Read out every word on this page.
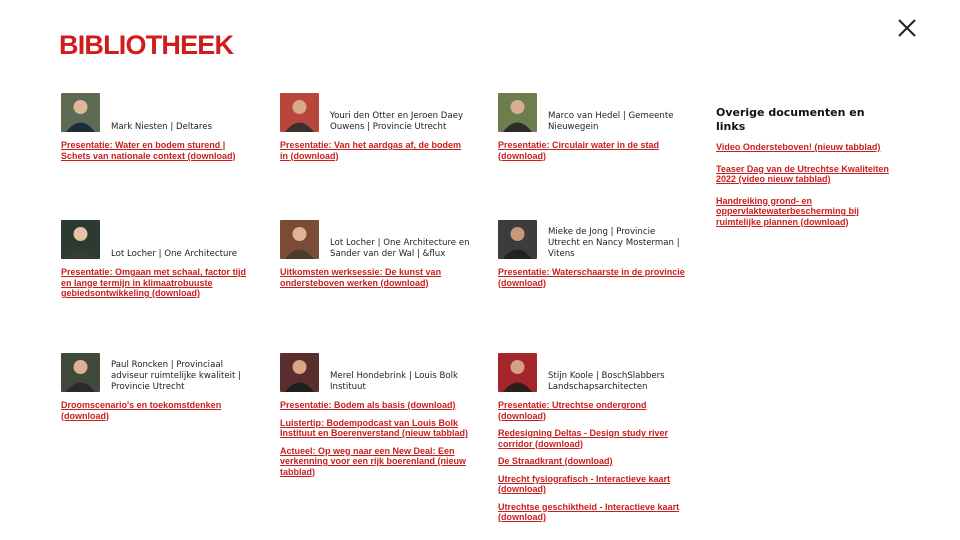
BIBLIOTHEEK
Mark Niesten | Deltares
Presentatie: Water en bodem sturend | Schets van nationale context (download)
Youri den Otter en Jeroen Daey Ouwens | Provincie Utrecht
Presentatie: Van het aardgas af, de bodem in (download)
Marco van Hedel | Gemeente Nieuwegein
Presentatie: Circulair water in de stad (download)
Lot Locher | One Architecture
Presentatie: Omgaan met schaal, factor tijd en lange termijn in klimaatrobuuste gebiedsontwikkeling (download)
Lot Locher | One Architecture en Sander van der Wal | &flux
Uitkomsten werksessie: De kunst van ondersteboven werken (download)
Mieke de Jong | Provincie Utrecht en Nancy Mosterman | Vitens
Presentatie: Waterschaarste in de provincie (download)
Paul Roncken | Provinciaal adviseur ruimtelijke kwaliteit | Provincie Utrecht
Droomscenario's en toekomstdenken (download)
Merel Hondebrink | Louis Bolk Instituut
Presentatie: Bodem als basis (download)
Luistertip: Bodempodcast van Louis Bolk Instituut en Boerenverstand (nieuw tabblad)
Actueel: Op weg naar een New Deal: Een verkenning voor een rijk boerenland (nieuw tabblad)
Stijn Koole | BoschSlabbers Landschapsarchitecten
Presentatie: Utrechtse ondergrond (download)
Redesigning Deltas - Design study river corridor (download)
De Straadkrant (download)
Utrecht fysiografisch - Interactieve kaart (download)
Utrechtse geschiktheid - Interactieve kaart (download)
Overige documenten en links
Video Ondersteboven! (nieuw tabblad)
Teaser Dag van de Utrechtse Kwaliteiten 2022 (video nieuw tabblad)
Handreiking grond- en oppervlaktewaterbescherming bij ruimtelijke plannen (download)
